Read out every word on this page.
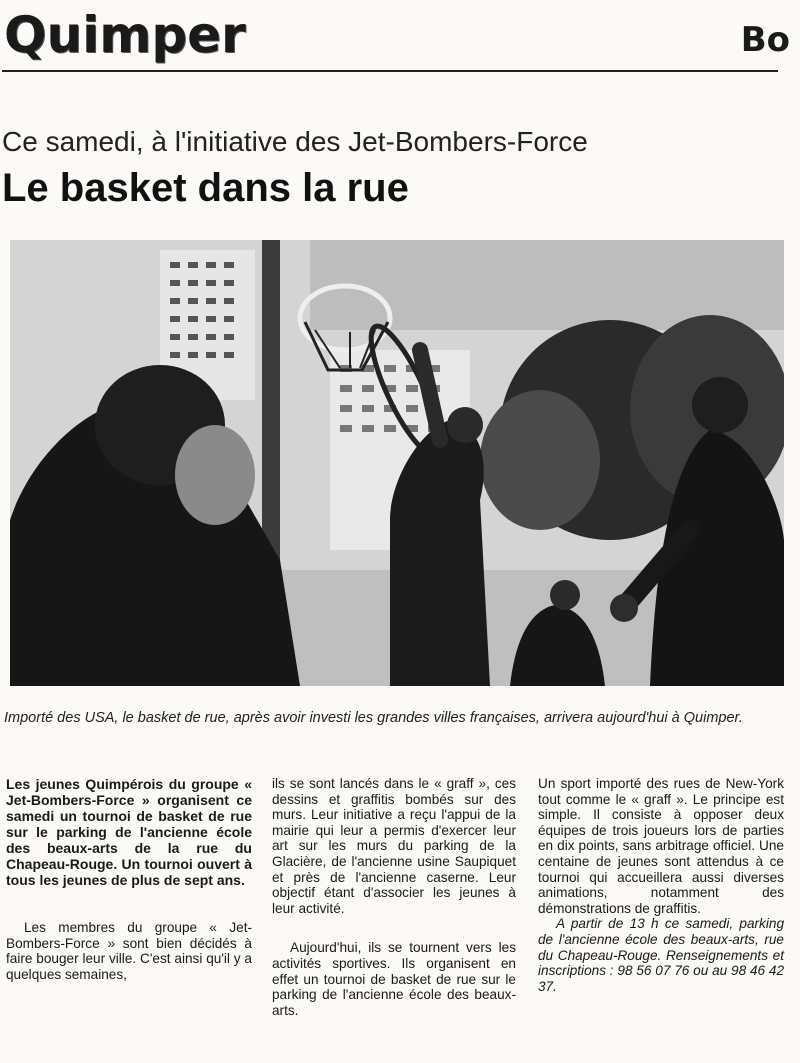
Quimper	Bo
Ce samedi, à l'initiative des Jet-Bombers-Force
Le basket dans la rue
Importé des USA, le basket de rue, après avoir investi les grandes villes françaises, arrivera aujourd'hui à Quimper.

Les jeunes Quimpérois du groupe « Jet-Bombers-Force » organisent ce samedi un tournoi de basket de rue sur le parking de l'ancienne école des beaux-arts de la rue du Chapeau-Rouge. Un tournoi ouvert à tous les jeunes de plus de sept ans.

Les membres du groupe « Jet-Bombers-Force » sont bien décidés à faire bouger leur ville. C'est ainsi qu'il y a quelques semaines,

ils se sont lancés dans le « graff », ces dessins et graffitis bombés sur des murs. Leur initiative a reçu l'appui de la mairie qui leur a permis d'exercer leur art sur les murs du parking de la Glacière, de l'ancienne usine Saupiquet et près de l'ancienne caserne. Leur objectif étant d'associer les jeunes à leur activité.

Aujourd'hui, ils se tournent vers les activités sportives. Ils organisent en effet un tournoi de basket de rue sur le parking de l'ancienne école des beaux-arts.

Un sport importé des rues de New-York tout comme le « graff ». Le principe est simple. Il consiste à opposer deux équipes de trois joueurs lors de parties en dix points, sans arbitrage officiel. Une centaine de jeunes sont attendus à ce tournoi qui accueillera aussi diverses animations, notamment des démonstrations de graffitis.

A partir de 13 h ce samedi, parking de l'ancienne école des beaux-arts, rue du Chapeau-Rouge. Renseignements et inscriptions : 98 56 07 76 ou au 98 46 42 37.
